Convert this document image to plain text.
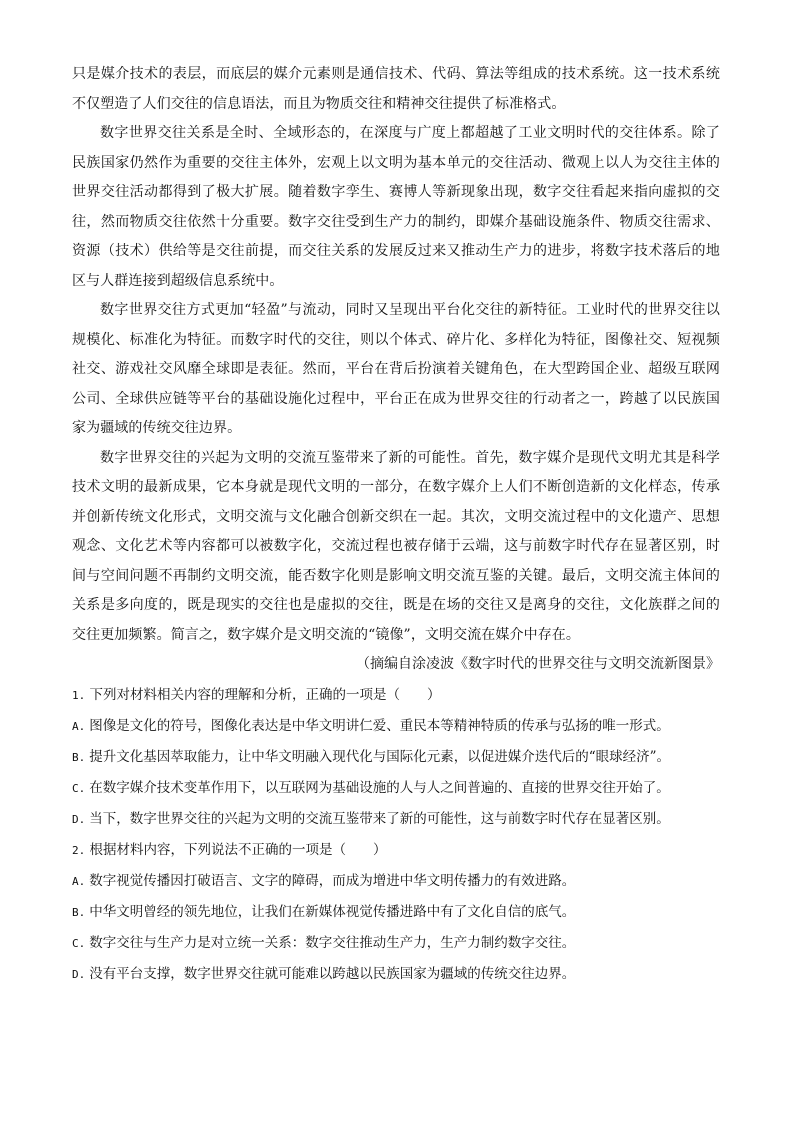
只是媒介技术的表层，而底层的媒介元素则是通信技术、代码、算法等组成的技术系统。这一技术系统不仅塑造了人们交往的信息语法，而且为物质交往和精神交往提供了标准格式。

数字世界交往关系是全时、全域形态的，在深度与广度上都超越了工业文明时代的交往体系。除了民族国家仍然作为重要的交往主体外，宏观上以文明为基本单元的交往活动、微观上以人为交往主体的世界交往活动都得到了极大扩展。随着数字孪生、赛博人等新现象出现，数字交往看起来指向虚拟的交往，然而物质交往依然十分重要。数字交往受到生产力的制约，即媒介基础设施条件、物质交往需求、资源（技术）供给等是交往前提，而交往关系的发展反过来又推动生产力的进步，将数字技术落后的地区与人群连接到超级信息系统中。

数字世界交往方式更加“轻盈”与流动，同时又呈现出平台化交往的新特征。工业时代的世界交往以规模化、标准化为特征。而数字时代的交往，则以个体式、碎片化、多样化为特征，图像社交、短视频社交、游戏社交风靡全球即是表征。然而，平台在背后扮演着关键角色，在大型跨国企业、超级互联网公司、全球供应链等平台的基础设施化过程中，平台正在成为世界交往的行动者之一，跨越了以民族国家为疆域的传统交往边界。

数字世界交往的兴起为文明的交流互鉴带来了新的可能性。首先，数字媒介是现代文明尤其是科学技术文明的最新成果，它本身就是现代文明的一部分，在数字媒介上人们不断创造新的文化样态，传承并创新传统文化形式，文明交流与文化融合创新交织在一起。其次，文明交流过程中的文化遗产、思想观念、文化艺术等内容都可以被数字化，交流过程也被存储于云端，这与前数字时代存在显著区别，时间与空间问题不再制约文明交流，能否数字化则是影响文明交流互鉴的关键。最后，文明交流主体间的关系是多向度的，既是现实的交往也是虚拟的交往，既是在场的交往又是离身的交往，文化族群之间的交往更加频繁。简言之，数字媒介是文明交流的“镜像”，文明交流在媒介中存在。

（摘编自涂凌波《数字时代的世界交往与文明交流新图景》

1. 下列对材料相关内容的理解和分析，正确的一项是（　　）

A. 图像是文化的符号，图像化表达是中华文明讲仁爱、重民本等精神特质的传承与弘扬的唯一形式。

B. 提升文化基因萃取能力，让中华文明融入现代化与国际化元素，以促进媒介迭代后的“眼球经济”。

C. 在数字媒介技术变革作用下，以互联网为基础设施的人与人之间普遍的、直接的世界交往开始了。

D. 当下，数字世界交往的兴起为文明的交流互鉴带来了新的可能性，这与前数字时代存在显著区别。

2. 根据材料内容，下列说法不正确的一项是（　　）

A. 数字视觉传播因打破语言、文字的障碍，而成为增进中华文明传播力的有效进路。

B. 中华文明曾经的领先地位，让我们在新媒体视觉传播进路中有了文化自信的底气。

C. 数字交往与生产力是对立统一关系：数字交往推动生产力，生产力制约数字交往。

D. 没有平台支撑，数字世界交往就可能难以跨越以民族国家为疆域的传统交往边界。
